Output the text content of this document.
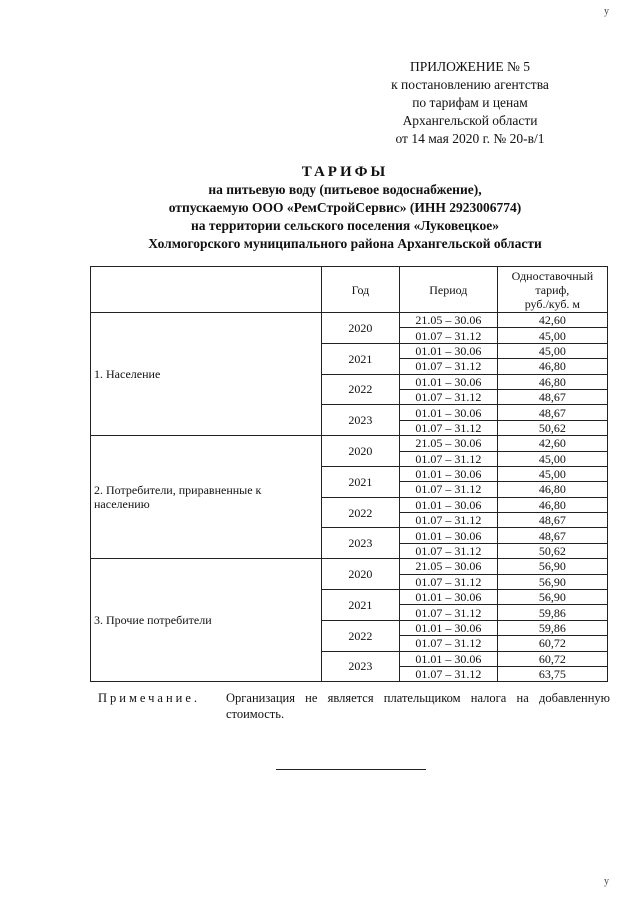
у
ПРИЛОЖЕНИЕ № 5
к постановлению агентства
по тарифам и ценам
Архангельской области
от 14 мая 2020 г. № 20-в/1
ТАРИФЫ
на питьевую воду (питьевое водоснабжение),
отпускаемую ООО «РемСтройСервис» (ИНН 2923006774)
на территории сельского поселения «Луковецкое»
Холмогорского муниципального района Архангельской области
	Год	Период	Одноставочный
тариф,
руб./куб. м
1. Население	2020	21.05 – 30.06	42,60
		01.07 – 31.12	45,00
	2021	01.01 – 30.06	45,00
		01.07 – 31.12	46,80
	2022	01.01 – 30.06	46,80
		01.07 – 31.12	48,67
	2023	01.01 – 30.06	48,67
		01.07 – 31.12	50,62
2. Потребители, приравненные к населению	2020	21.05 – 30.06	42,60
		01.07 – 31.12	45,00
	2021	01.01 – 30.06	45,00
		01.07 – 31.12	46,80
	2022	01.01 – 30.06	46,80
		01.07 – 31.12	48,67
	2023	01.01 – 30.06	48,67
		01.07 – 31.12	50,62
3. Прочие потребители	2020	21.05 – 30.06	56,90
		01.07 – 31.12	56,90
	2021	01.01 – 30.06	56,90
		01.07 – 31.12	59,86
	2022	01.01 – 30.06	59,86
		01.07 – 31.12	60,72
	2023	01.01 – 30.06	60,72
		01.07 – 31.12	63,75
Примечание. Организация не является плательщиком налога на добавленную стоимость.
у
